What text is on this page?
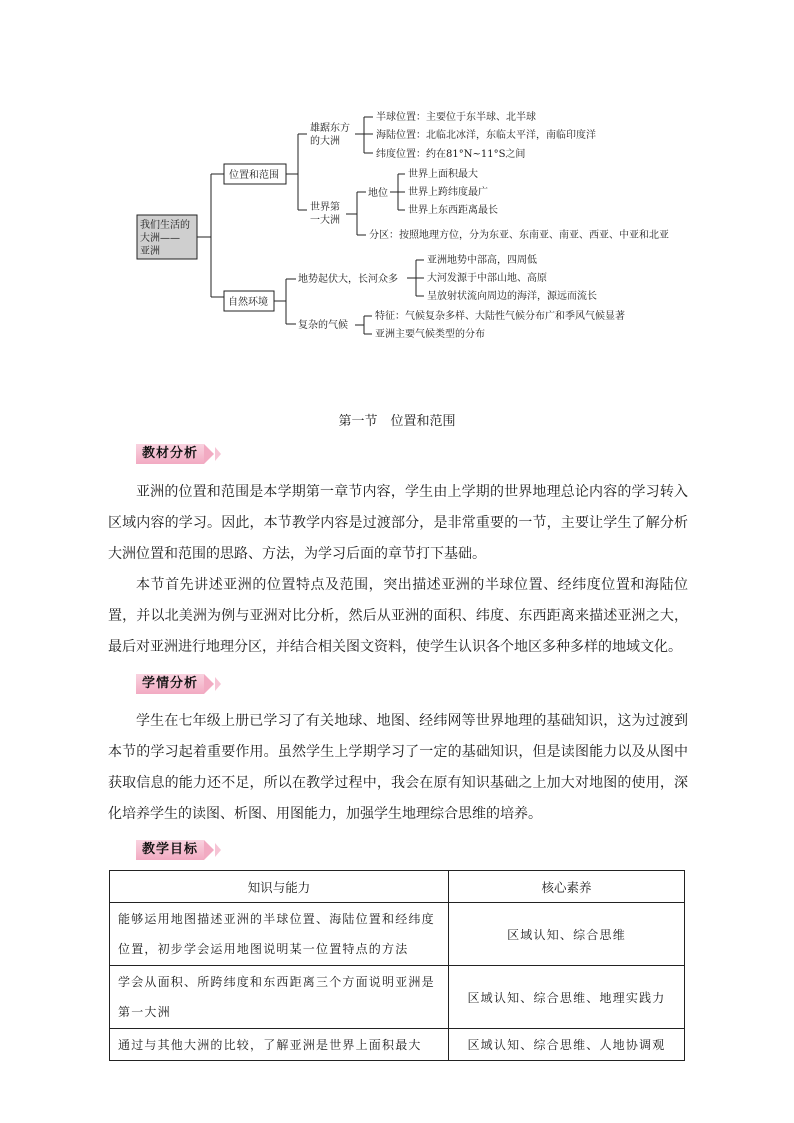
我们生活的
大洲——
亚洲
位置和范围
雄踞东方
的大洲
半球位置：主要位于东半球、北半球
海陆位置：北临北冰洋，东临太平洋，南临印度洋
纬度位置：约在81°N~11°S之间
世界第
一大洲
地位
世界上面积最大
世界上跨纬度最广
世界上东西距离最长
分区：按照地理方位，分为东亚、东南亚、南亚、西亚、中亚和北亚
自然环境
地势起伏大，长河众多
亚洲地势中部高，四周低
大河发源于中部山地、高原
呈放射状流向周边的海洋，源远而流长
复杂的气候
特征：气候复杂多样、大陆性气候分布广和季风气候显著
亚洲主要气候类型的分布
第一节　位置和范围
教材分析

亚洲的位置和范围是本学期第一章节内容，学生由上学期的世界地理总论内容的学习转入区域内容的学习。因此，本节教学内容是过渡部分，是非常重要的一节，主要让学生了解分析大洲位置和范围的思路、方法，为学习后面的章节打下基础。

本节首先讲述亚洲的位置特点及范围，突出描述亚洲的半球位置、经纬度位置和海陆位置，并以北美洲为例与亚洲对比分析，然后从亚洲的面积、纬度、东西距离来描述亚洲之大，最后对亚洲进行地理分区，并结合相关图文资料，使学生认识各个地区多种多样的地域文化。

学情分析

学生在七年级上册已学习了有关地球、地图、经纬网等世界地理的基础知识，这为过渡到本节的学习起着重要作用。虽然学生上学期学习了一定的基础知识，但是读图能力以及从图中获取信息的能力还不足，所以在教学过程中，我会在原有知识基础之上加大对地图的使用，深化培养学生的读图、析图、用图能力，加强学生地理综合思维的培养。

教学目标
知识与能力	核心素养
能够运用地图描述亚洲的半球位置、海陆位置和经纬度位置，初步学会运用地图说明某一位置特点的方法	区域认知、综合思维
学会从面积、所跨纬度和东西距离三个方面说明亚洲是第一大洲	区域认知、综合思维、地理实践力
通过与其他大洲的比较，了解亚洲是世界上面积最大	区域认知、综合思维、人地协调观
